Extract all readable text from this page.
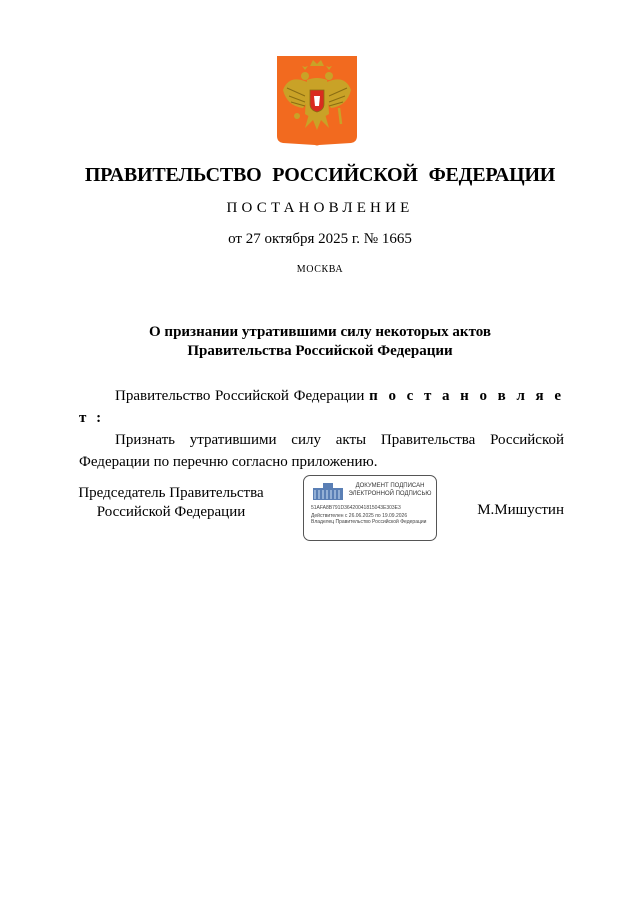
ПРАВИТЕЛЬСТВО РОССИЙСКОЙ ФЕДЕРАЦИИ
ПОСТАНОВЛЕНИЕ
от 27 октября 2025 г. № 1665
МОСКВА
О признании утратившими силу некоторых актов
Правительства Российской Федерации

Правительство Российской Федерации п о с т а н о в л я е т :

Признать утратившими силу акты Правительства Российской Федерации по перечню согласно приложению.

Председатель Правительства
Российской Федерации
ДОКУМЕНТ ПОДПИСАН
ЭЛЕКТРОННОЙ ПОДПИСЬЮ
51AFA8B791D36420041815043E303E3
Действителен с 26.06.2025 по 19.09.2026
Владелец Правительство Российской Федерации
М.Мишустин
